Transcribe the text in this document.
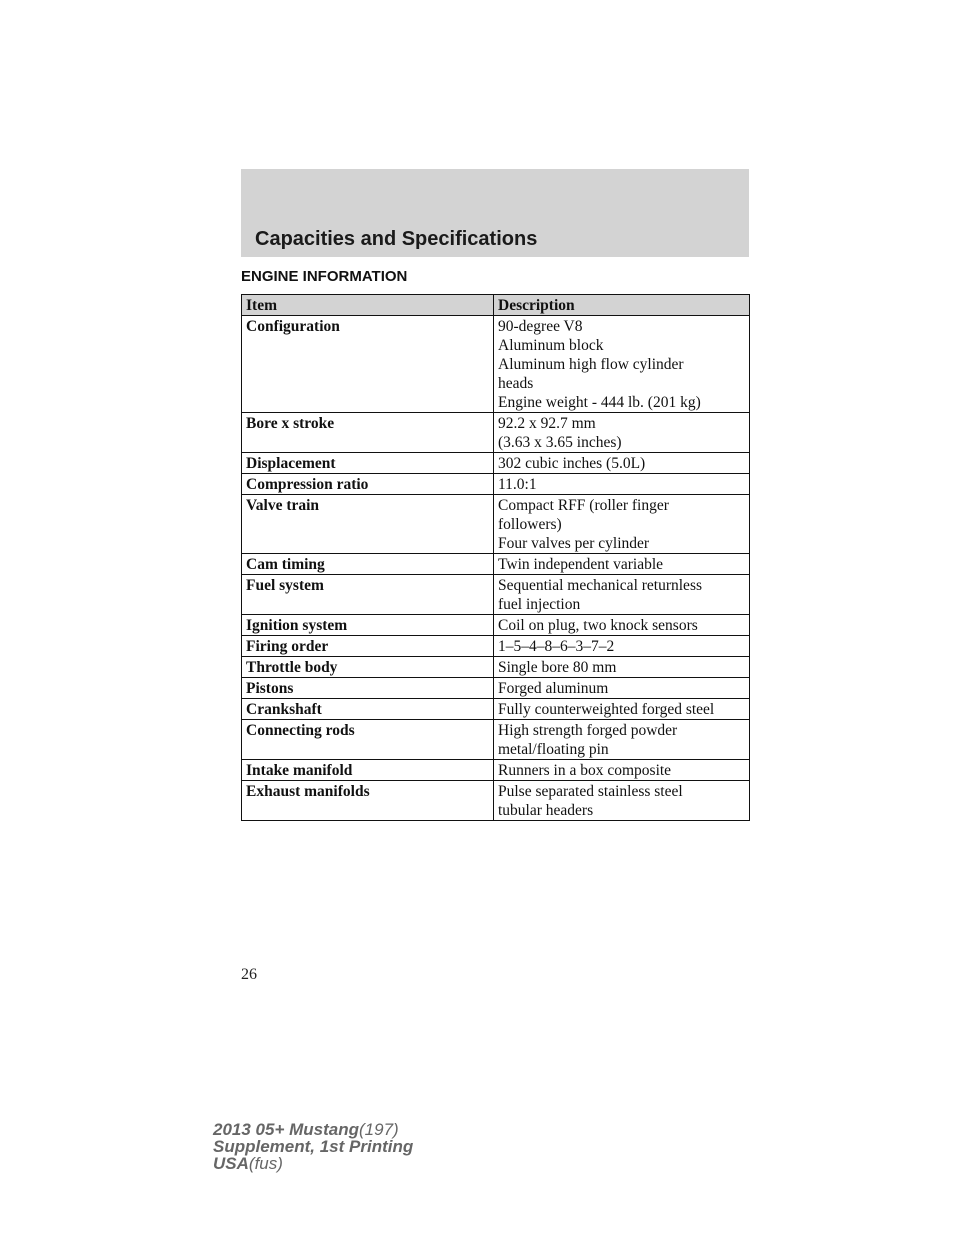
Capacities and Specifications
ENGINE INFORMATION
Item	Description
Configuration	90-degree V8
Aluminum block
Aluminum high flow cylinder
heads
Engine weight - 444 lb. (201 kg)

Bore x stroke	92.2 x 92.7 mm
(3.63 x 3.65 inches)

Displacement	302 cubic inches (5.0L)

Compression ratio	11.0:1

Valve train	Compact RFF (roller finger
followers)
Four valves per cylinder

Cam timing	Twin independent variable

Fuel system	Sequential mechanical returnless
fuel injection

Ignition system	Coil on plug, two knock sensors

Firing order	1–5–4–8–6–3–7–2

Throttle body	Single bore 80 mm

Pistons	Forged aluminum

Crankshaft	Fully counterweighted forged steel

Connecting rods	High strength forged powder
metal/floating pin

Intake manifold	Runners in a box composite

Exhaust manifolds	Pulse separated stainless steel
tubular headers
26
2013 05+ Mustang(197)
Supplement, 1st Printing
USA(fus)
